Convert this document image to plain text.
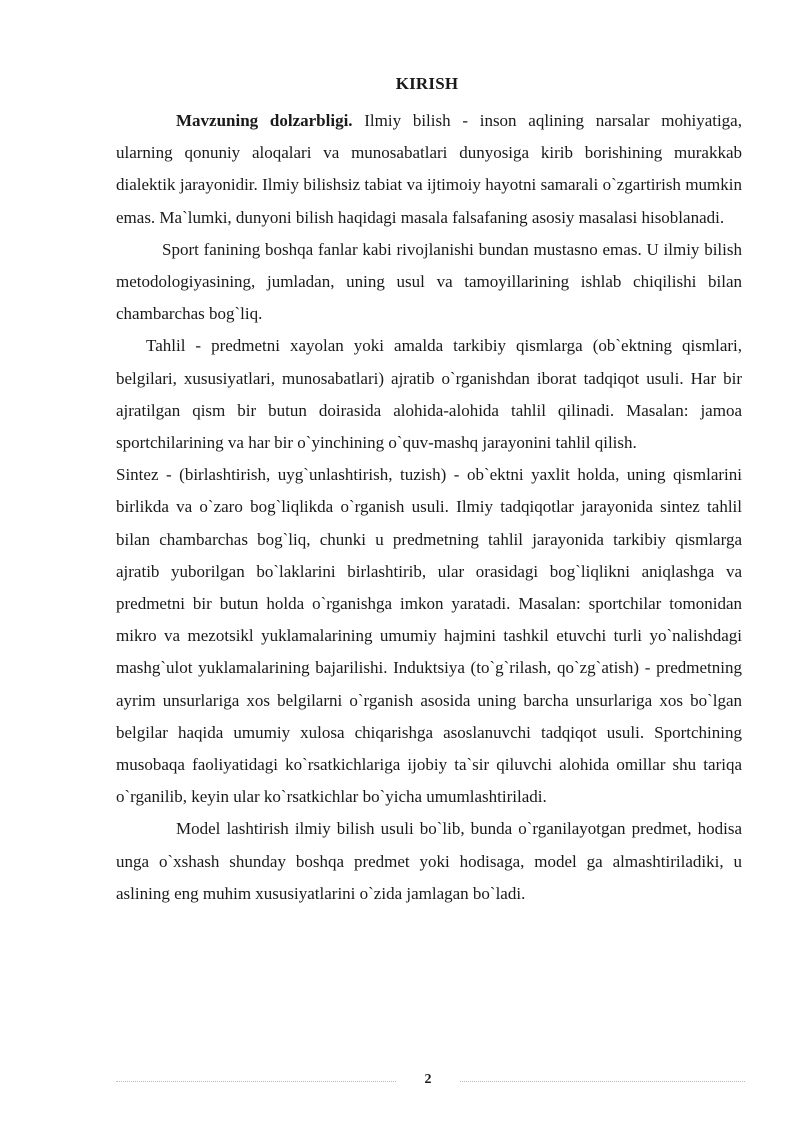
KIRISH

Mavzuning dolzarbligi. Ilmiy bilish - inson aqlining narsalar mohiyatiga, ularning qonuniy aloqalari va munosabatlari dunyosiga kirib borishining murakkab dialektik jarayonidir. Ilmiy bilishsiz tabiat va ijtimoiy hayotni samarali o`zgartirish mumkin emas. Ma`lumki, dunyoni bilish haqidagi masala falsafaning asosiy masalasi hisoblanadi.

Sport fanining boshqa fanlar kabi rivojlanishi bundan mustasno emas. U ilmiy bilish metodologiyasining, jumladan, uning usul va tamoyillarining ishlab chiqilishi bilan chambarchas bog`liq.

Tahlil - predmetni xayolan yoki amalda tarkibiy qismlarga (ob`ektning qismlari, belgilari, xususiyatlari, munosabatlari) ajratib o`rganishdan iborat tadqiqot usuli. Har bir ajratilgan qism bir butun doirasida alohida-alohida tahlil qilinadi. Masalan: jamoa sportchilarining va har bir o`yinchining o`quv-mashq jarayonini tahlil qilish.

Sintez - (birlashtirish, uyg`unlashtirish, tuzish) - ob`ektni yaxlit holda, uning qismlarini birlikda va o`zaro bog`liqlikda o`rganish usuli. Ilmiy tadqiqotlar jarayonida sintez tahlil bilan chambarchas bog`liq, chunki u predmetning tahlil jarayonida tarkibiy qismlarga ajratib yuborilgan bo`laklarini birlashtirib, ular orasidagi bog`liqlikni aniqlashga va predmetni bir butun holda o`rganishga imkon yaratadi. Masalan: sportchilar tomonidan mikro va mezotsikl yuklamalarining umumiy hajmini tashkil etuvchi turli yo`nalishdagi mashg`ulot yuklamalarining bajarilishi. Induktsiya (to`g`rilash, qo`zg`atish) - predmetning ayrim unsurlariga xos belgilarni o`rganish asosida uning barcha unsurlariga xos bo`lgan belgilar haqida umumiy xulosa chiqarishga asoslanuvchi tadqiqot usuli. Sportchining musobaqa faoliyatidagi ko`rsatkichlariga ijobiy ta`sir qiluvchi alohida omillar shu tariqa o`rganilib, keyin ular ko`rsatkichlar bo`yicha umumlashtiriladi.

Model lashtirish ilmiy bilish usuli bo`lib, bunda o`rganilayotgan predmet, hodisa unga o`xshash shunday boshqa predmet yoki hodisaga, model ga almashtiriladiki, u aslining eng muhim xususiyatlarini o`zida jamlagan bo`ladi.

2
